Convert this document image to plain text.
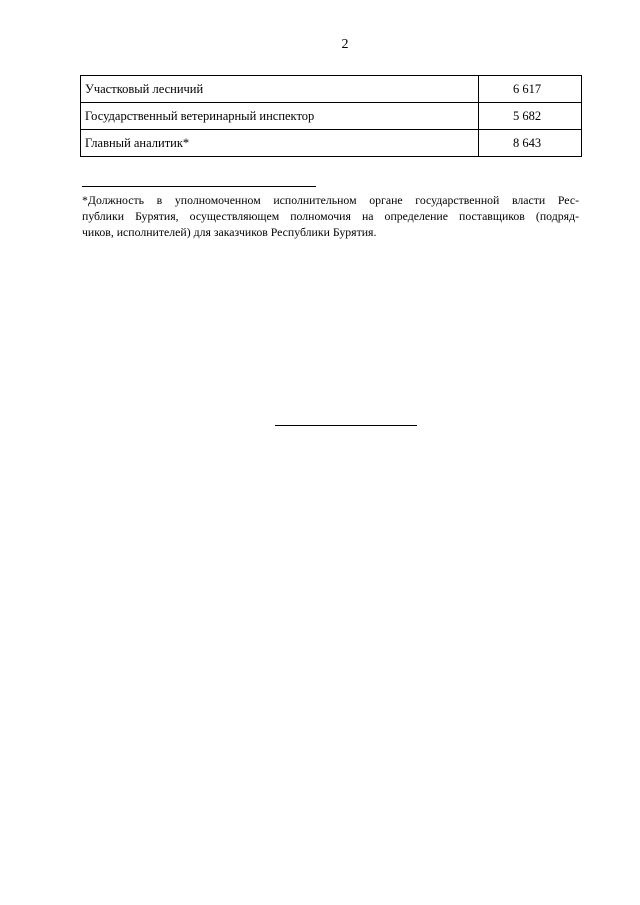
2
Участковый лесничий	6 617
Государственный ветеринарный инспектор	5 682
Главный аналитик*	8 643
*Должность в уполномоченном исполнительном органе государственной власти Рес-
публики Бурятия, осуществляющем полномочия на определение поставщиков (подряд-
чиков, исполнителей) для заказчиков Республики Бурятия.
